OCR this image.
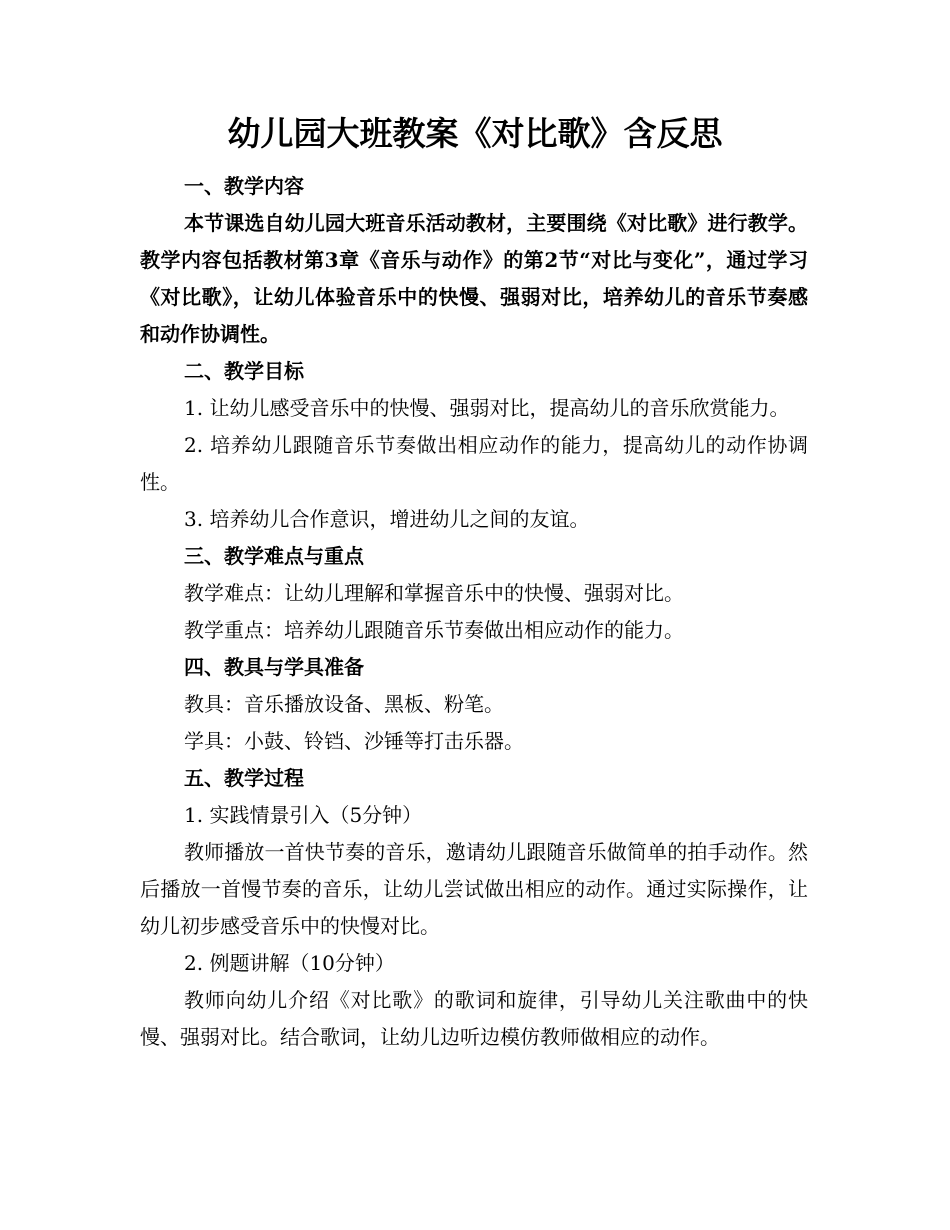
幼儿园大班教案《对比歌》含反思

一、教学内容

本节课选自幼儿园大班音乐活动教材，主要围绕《对比歌》进行教学。教学内容包括教材第3章《音乐与动作》的第2节“对比与变化”，通过学习《对比歌》，让幼儿体验音乐中的快慢、强弱对比，培养幼儿的音乐节奏感和动作协调性。

二、教学目标

1. 让幼儿感受音乐中的快慢、强弱对比，提高幼儿的音乐欣赏能力。

2. 培养幼儿跟随音乐节奏做出相应动作的能力，提高幼儿的动作协调性。

3. 培养幼儿合作意识，增进幼儿之间的友谊。

三、教学难点与重点

教学难点：让幼儿理解和掌握音乐中的快慢、强弱对比。

教学重点：培养幼儿跟随音乐节奏做出相应动作的能力。

四、教具与学具准备

教具：音乐播放设备、黑板、粉笔。

学具：小鼓、铃铛、沙锤等打击乐器。

五、教学过程

1. 实践情景引入（5分钟）

教师播放一首快节奏的音乐，邀请幼儿跟随音乐做简单的拍手动作。然后播放一首慢节奏的音乐，让幼儿尝试做出相应的动作。通过实际操作，让幼儿初步感受音乐中的快慢对比。

2. 例题讲解（10分钟）

教师向幼儿介绍《对比歌》的歌词和旋律，引导幼儿关注歌曲中的快慢、强弱对比。结合歌词，让幼儿边听边模仿教师做相应的动作。
